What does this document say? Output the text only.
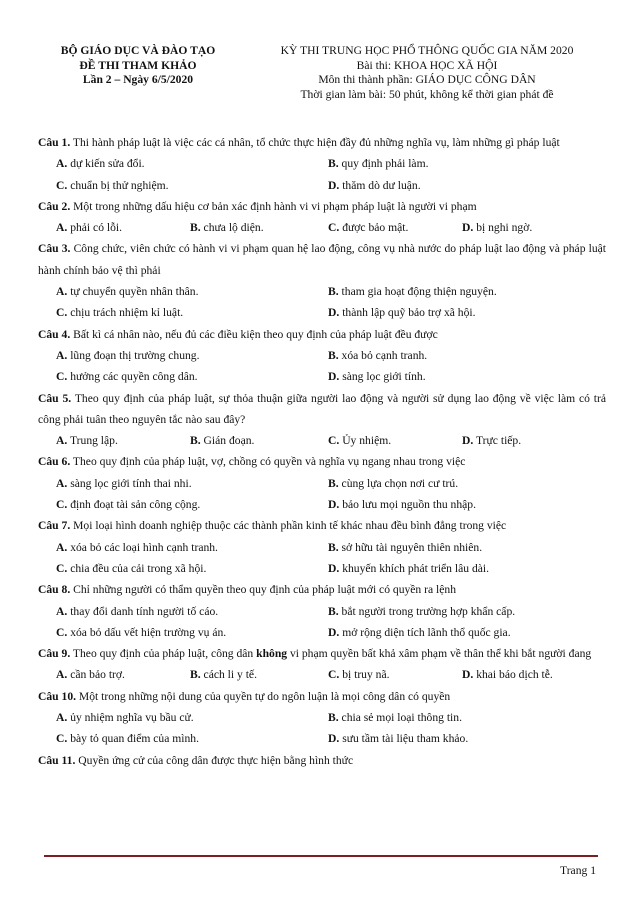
BỘ GIÁO DỤC VÀ ĐÀO TẠO
ĐỀ THI THAM KHẢO
Lần 2 – Ngày 6/5/2020
KỲ THI TRUNG HỌC PHỔ THÔNG QUỐC GIA NĂM 2020
Bài thi: KHOA HỌC XÃ HỘI
Môn thi thành phần: GIÁO DỤC CÔNG DÂN
Thời gian làm bài: 50 phút, không kể thời gian phát đề
Câu 1. Thi hành pháp luật là việc các cá nhân, tổ chức thực hiện đầy đủ những nghĩa vụ, làm những gì pháp luật
A. dự kiến sửa đổi.	B. quy định phải làm.
C. chuẩn bị thử nghiệm.	D. thăm dò dư luận.
Câu 2. Một trong những dấu hiệu cơ bản xác định hành vi vi phạm pháp luật là người vi phạm
A. phải có lỗi.	B. chưa lộ diện.	C. được bảo mật.	D. bị nghi ngờ.
Câu 3. Công chức, viên chức có hành vi vi phạm quan hệ lao động, công vụ nhà nước do pháp luật lao động và pháp luật hành chính bảo vệ thì phải
A. tự chuyển quyền nhân thân.	B. tham gia hoạt động thiện nguyện.
C. chịu trách nhiệm kỉ luật.	D. thành lập quỹ bảo trợ xã hội.
Câu 4. Bất kì cá nhân nào, nếu đủ các điều kiện theo quy định của pháp luật đều được
A. lũng đoạn thị trường chung.	B. xóa bỏ cạnh tranh.
C. hưởng các quyền công dân.	D. sàng lọc giới tính.
Câu 5. Theo quy định của pháp luật, sự thỏa thuận giữa người lao động và người sử dụng lao động về việc làm có trả công phải tuân theo nguyên tắc nào sau đây?
A. Trung lập.	B. Gián đoạn.	C. Ủy nhiệm.	D. Trực tiếp.
Câu 6. Theo quy định của pháp luật, vợ, chồng có quyền và nghĩa vụ ngang nhau trong việc
A. sàng lọc giới tính thai nhi.	B. cùng lựa chọn nơi cư trú.
C. định đoạt tài sản công cộng.	D. bảo lưu mọi nguồn thu nhập.
Câu 7. Mọi loại hình doanh nghiệp thuộc các thành phần kinh tế khác nhau đều bình đẳng trong việc
A. xóa bỏ các loại hình cạnh tranh.	B. sở hữu tài nguyên thiên nhiên.
C. chia đều của cải trong xã hội.	D. khuyến khích phát triển lâu dài.
Câu 8. Chỉ những người có thẩm quyền theo quy định của pháp luật mới có quyền ra lệnh
A. thay đổi danh tính người tố cáo.	B. bắt người trong trường hợp khẩn cấp.
C. xóa bỏ dấu vết hiện trường vụ án.	D. mở rộng diện tích lãnh thổ quốc gia.
Câu 9. Theo quy định của pháp luật, công dân không vi phạm quyền bất khả xâm phạm về thân thể khi bắt người đang
A. cần bảo trợ.	B. cách li y tế.	C. bị truy nã.	D. khai báo dịch tễ.
Câu 10. Một trong những nội dung của quyền tự do ngôn luận là mọi công dân có quyền
A. ủy nhiệm nghĩa vụ bầu cử.	B. chia sẻ mọi loại thông tin.
C. bày tỏ quan điểm của mình.	D. sưu tầm tài liệu tham khảo.
Câu 11. Quyền ứng cử của công dân được thực hiện bằng hình thức
Trang 1
